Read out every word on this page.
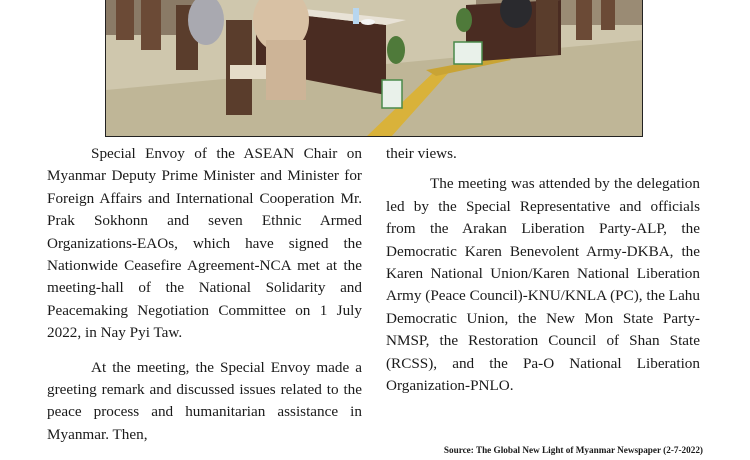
Special Envoy of the ASEAN Chair on Myanmar Deputy Prime Minister and Minister for Foreign Affairs and International Cooperation Mr. Prak Sokhonn and seven Ethnic Armed Organizations-EAOs, which have signed the Nationwide Ceasefire Agreement-NCA met at the meeting-hall of the National Solidarity and Peacemaking Negotiation Committee on 1 July 2022, in Nay Pyi Taw.

At the meeting, the Special Envoy made a greeting remark and discussed issues related to the peace process and humanitarian assistance in Myanmar. Then,

their views.

The meeting was attended by the delegation led by the Special Representative and officials from the Arakan Liberation Party-ALP, the Democratic Karen Benevolent Army-DKBA, the Karen National Union/Karen National Liberation Army (Peace Council)-KNU/KNLA (PC), the Lahu Democratic Union, the New Mon State Party-NMSP, the Restoration Council of Shan State (RCSS), and the Pa-O National Liberation Organization-PNLO.

Source: The Global New Light of Myanmar Newspaper (2-7-2022)
